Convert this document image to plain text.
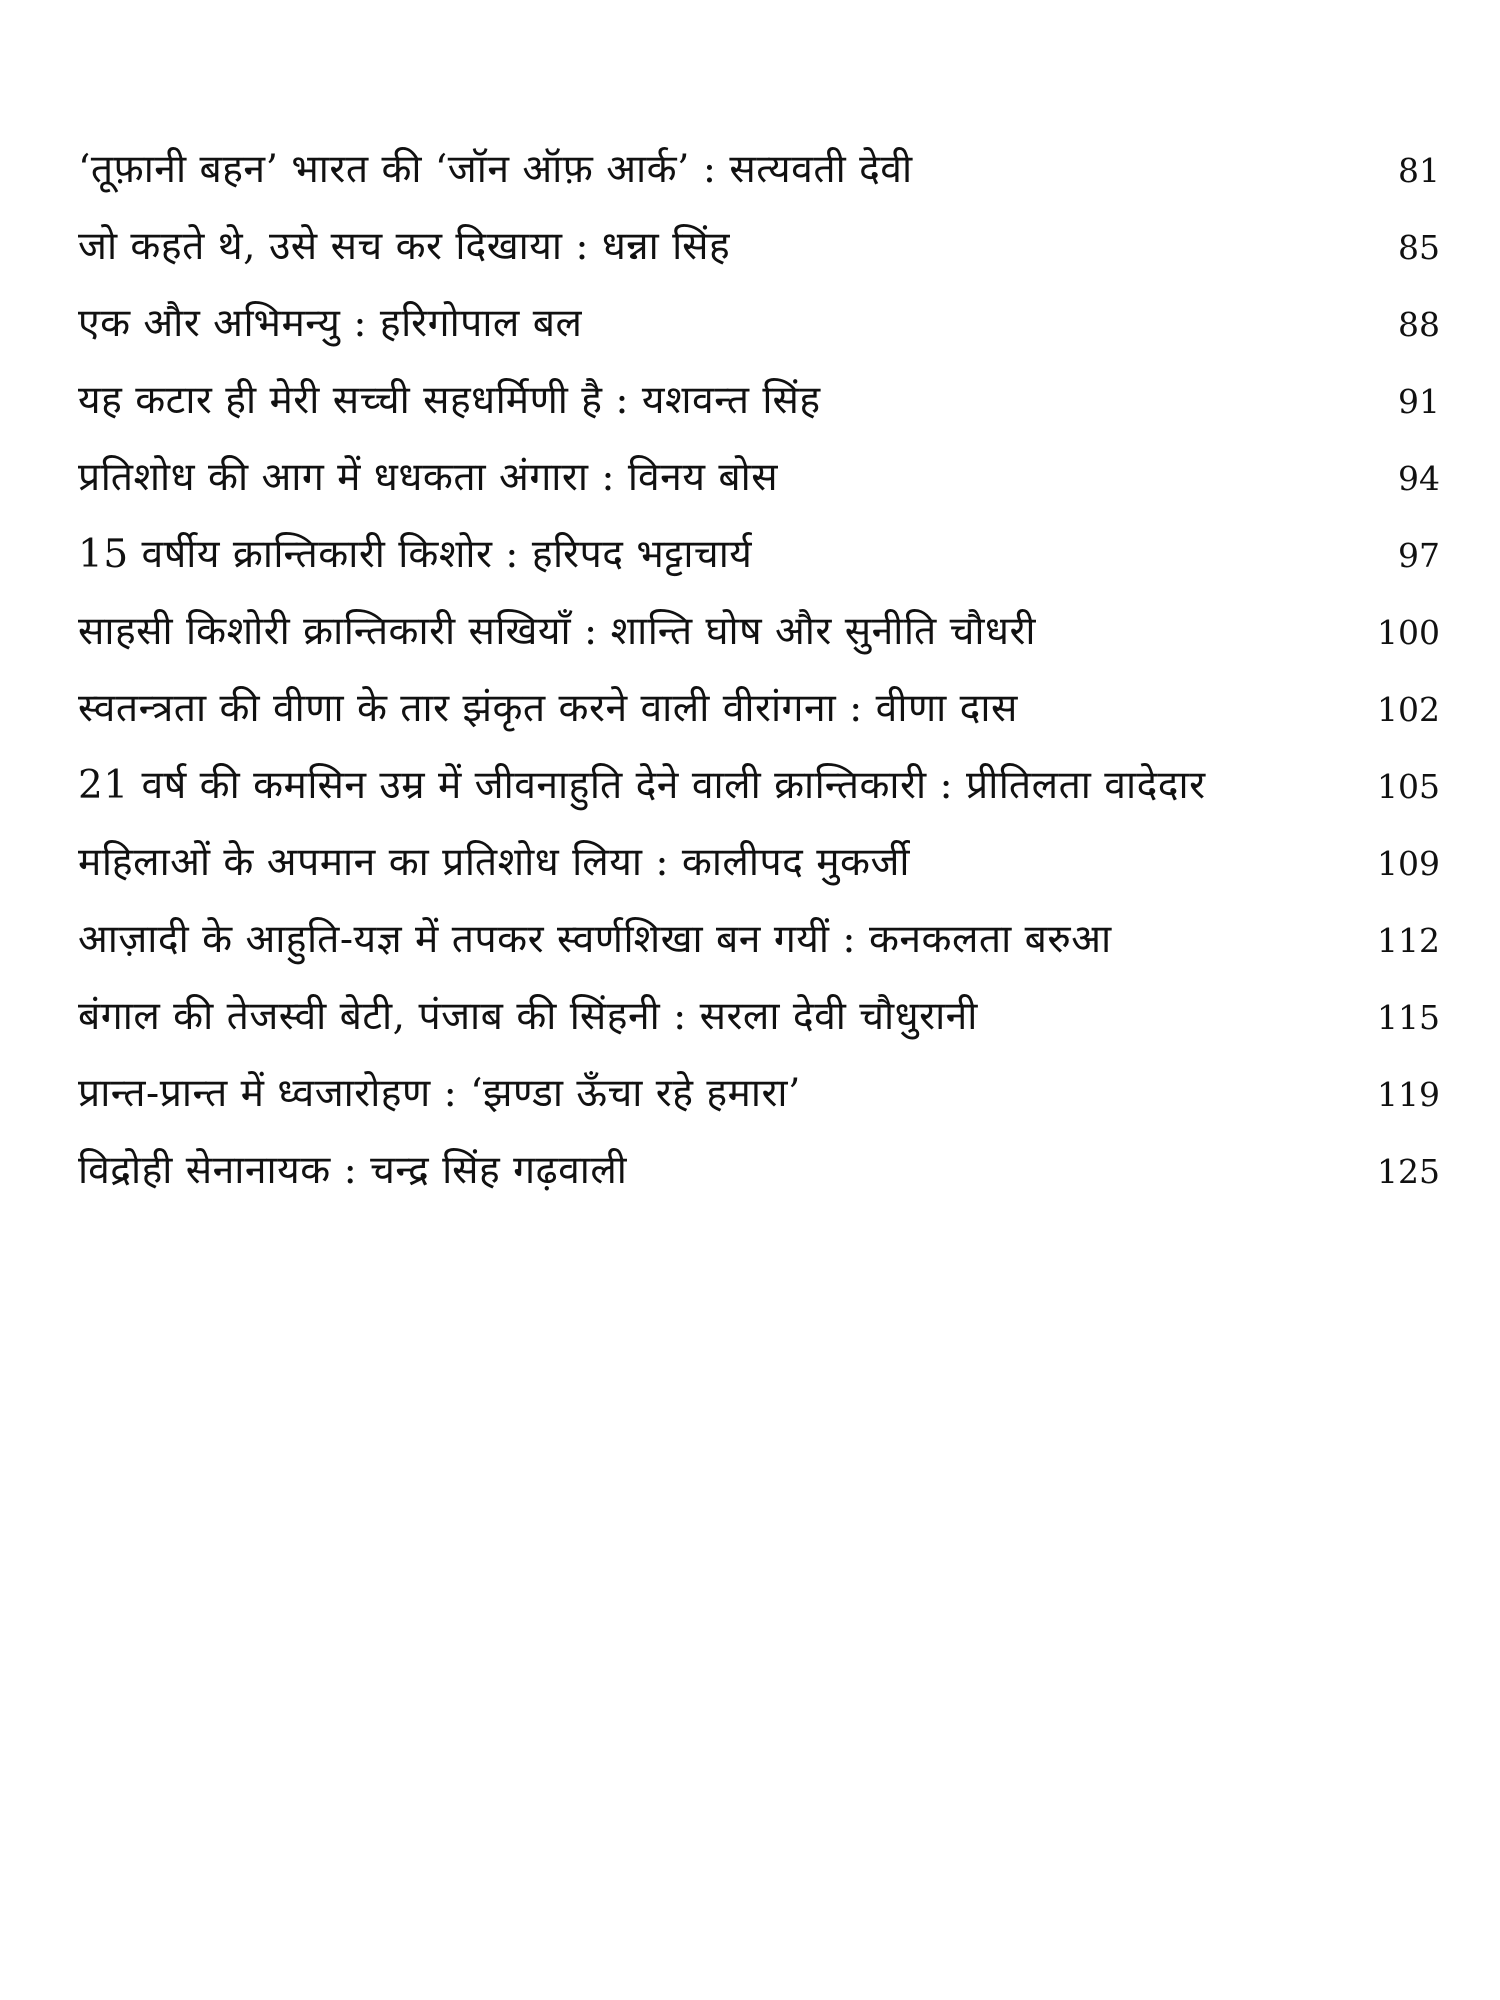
‘तूफ़ानी बहन’ भारत की ‘जॉन ऑफ़ आर्क’ : सत्यवती देवी	81
जो कहते थे, उसे सच कर दिखाया : धन्ना सिंह	85
एक और अभिमन्यु : हरिगोपाल बल	88
यह कटार ही मेरी सच्ची सहधर्मिणी है : यशवन्त सिंह	91
प्रतिशोध की आग में धधकता अंगारा : विनय बोस	94
15 वर्षीय क्रान्तिकारी किशोर : हरिपद भट्टाचार्य	97
साहसी किशोरी क्रान्तिकारी सखियाँ : शान्ति घोष और सुनीति चौधरी	100
स्वतन्त्रता की वीणा के तार झंकृत करने वाली वीरांगना : वीणा दास	102
21 वर्ष की कमसिन उम्र में जीवनाहुति देने वाली क्रान्तिकारी : प्रीतिलता वादेदार	105
महिलाओं के अपमान का प्रतिशोध लिया : कालीपद मुकर्जी	109
आज़ादी के आहुति-यज्ञ में तपकर स्वर्णशिखा बन गयीं : कनकलता बरुआ	112
बंगाल की तेजस्वी बेटी, पंजाब की सिंहनी : सरला देवी चौधुरानी	115
प्रान्त-प्रान्त में ध्वजारोहण : ‘झण्डा ऊँचा रहे हमारा’	119
विद्रोही सेनानायक : चन्द्र सिंह गढ़वाली	125
